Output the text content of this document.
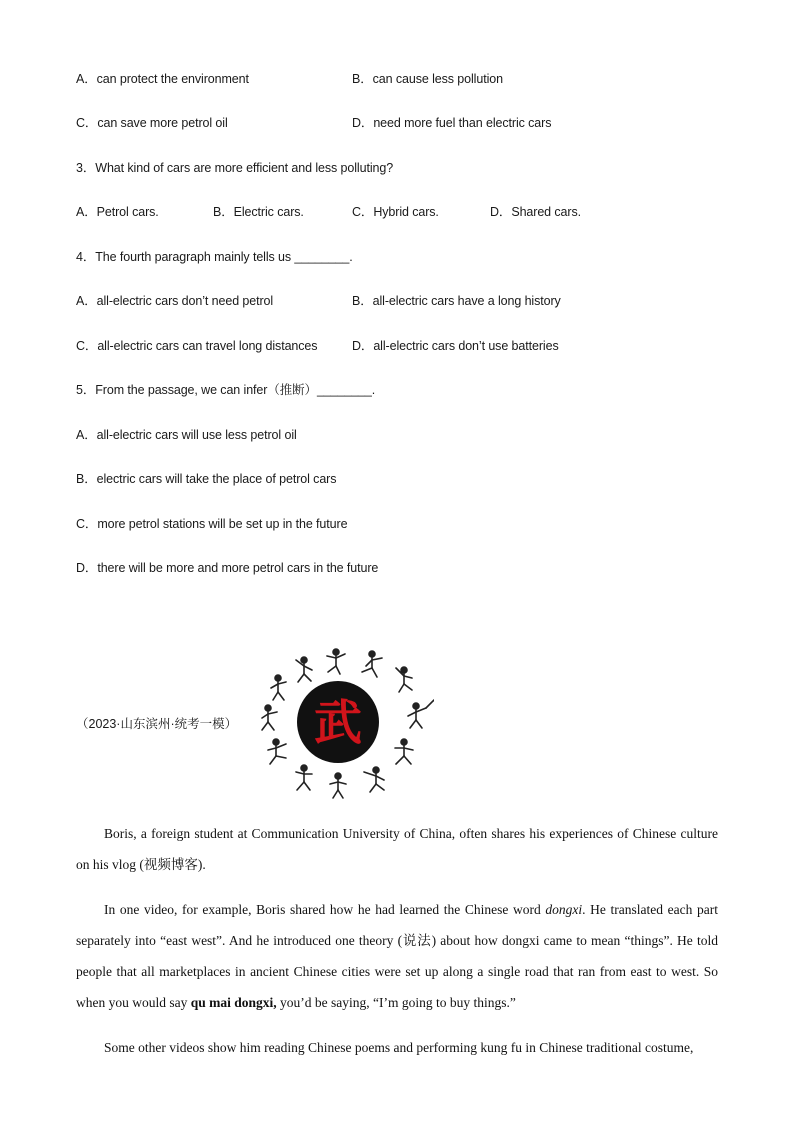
A．can protect the environment	B．can cause less pollution
C．can save more petrol oil	D．need more fuel than electric cars
3．What kind of cars are more efficient and less polluting?
A．Petrol cars.	B．Electric cars.	C．Hybrid cars.	D．Shared cars.
4．The fourth paragraph mainly tells us ________.
A．all-electric cars don’t need petrol	B．all-electric cars have a long history
C．all-electric cars can travel long distances	D．all-electric cars don’t use batteries
5．From the passage, we can infer（推断）________.
A．all-electric cars will use less petrol oil
B．electric cars will take the place of petrol cars
C．more petrol stations will be set up in the future
D．there will be more and more petrol cars in the future
（2023·山东滨州·统考一模） 武
Boris, a foreign student at Communication University of China, often shares his experiences of Chinese culture on his vlog (视频博客).
In one video, for example, Boris shared how he had learned the Chinese word dongxi. He translated each part separately into “east west”. And he introduced one theory (说法) about how dongxi came to mean “things”. He told people that all marketplaces in ancient Chinese cities were set up along a single road that ran from east to west. So when you would say qu mai dongxi, you’d be saying, “I’m going to buy things.”
Some other videos show him reading Chinese poems and performing kung fu in Chinese traditional costume,
